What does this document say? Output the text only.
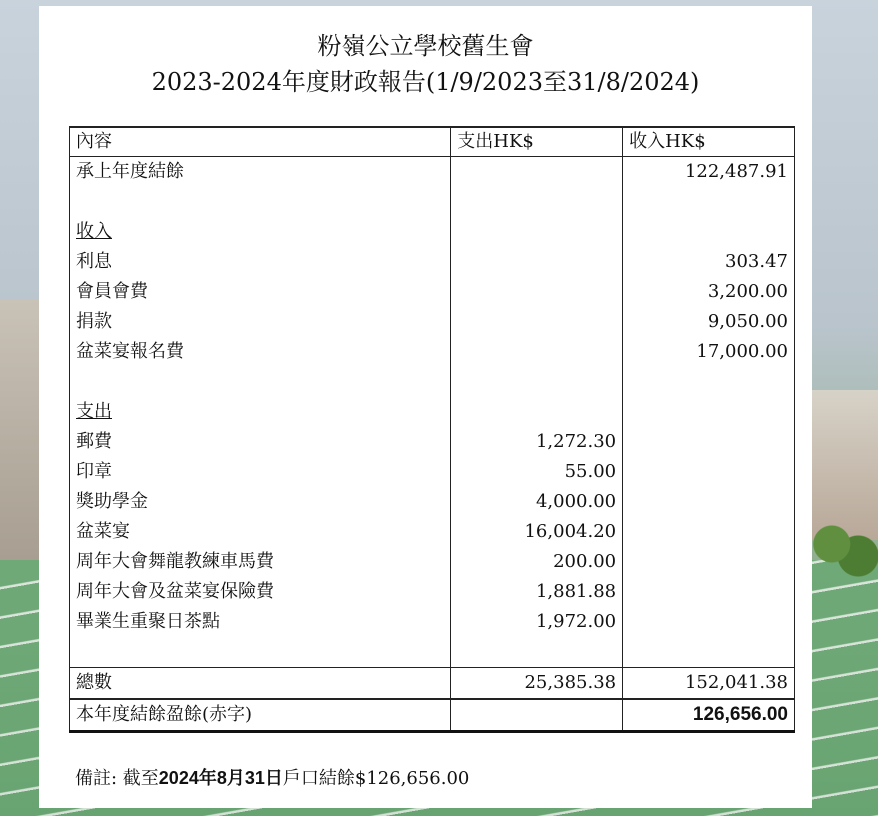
粉嶺公立學校舊生會
2023-2024年度財政報告(1/9/2023至31/8/2024)
內容	支出HK$	收入HK$
承上年度結餘		122,487.91

收入		
利息		303.47
會員會費		3,200.00
捐款		9,050.00
盆菜宴報名費		17,000.00

支出		
郵費	1,272.30	
印章	55.00	
獎助學金	4,000.00	
盆菜宴	16,004.20	
周年大會舞龍教練車馬費	200.00	
周年大會及盆菜宴保險費	1,881.88	
畢業生重聚日茶點	1,972.00	

總數	25,385.38	152,041.38
本年度結餘盈餘(赤字)		126,656.00
備註: 截至2024年8月31日戶口結餘$126,656.00
